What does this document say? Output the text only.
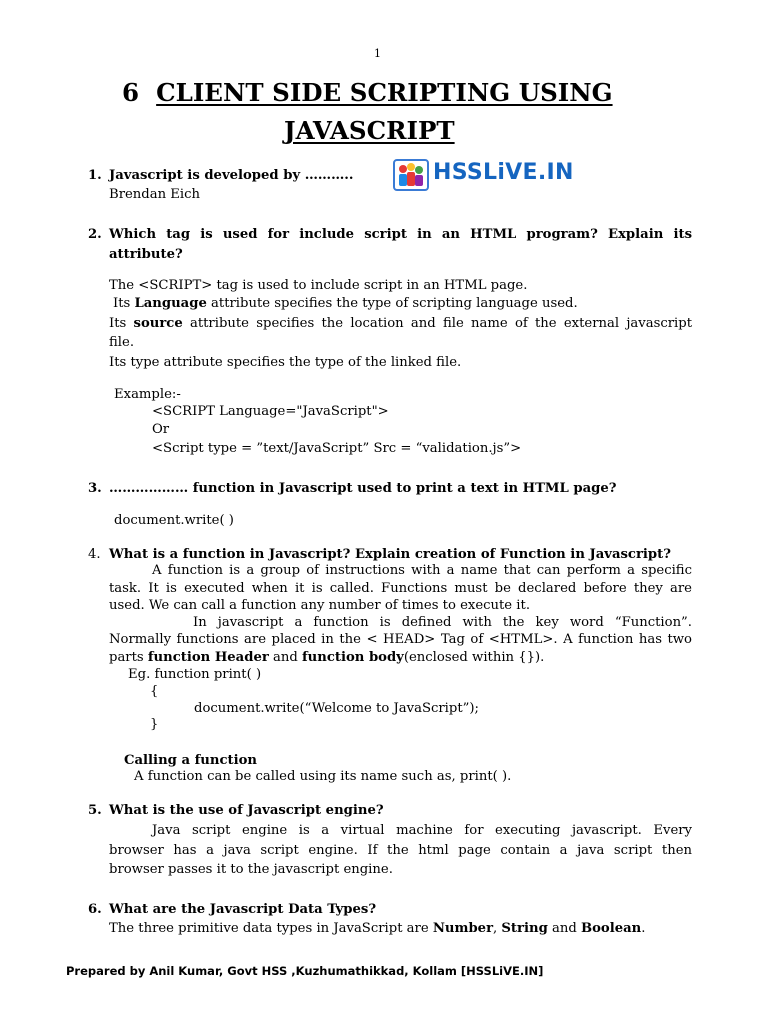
1
6 CLIENT SIDE SCRIPTING USING
JAVASCRIPT
HSSLiVE.IN
1. Javascript is developed by ………..
Brendan Eich
2. Which tag is used for include script in an HTML program? Explain its
attribute?
The <SCRIPT> tag is used to include script in an HTML page.
Its Language attribute specifies the type of scripting language used.
Its source attribute specifies the location and file name of the external javascript
file.
Its type attribute specifies the type of the linked file.
Example:-
<SCRIPT Language="JavaScript">
Or
<Script type = ”text/JavaScript” Src = “validation.js”>
3. ……………… function in Javascript used to print a text in HTML page?
document.write( )
4. What is a function in Javascript? Explain creation of Function in Javascript?
A function is a group of instructions with a name that can perform a specific
task. It is executed when it is called. Functions must be declared before they are
used. We can call a function any number of times to execute it.
In javascript a function is defined with the key word “Function”.
Normally functions are placed in the < HEAD> Tag of <HTML>. A function has two
parts function Header and function body(enclosed within {}).
Eg. function print( )
{
document.write(“Welcome to JavaScript”);
}
Calling a function
A function can be called using its name such as, print( ).
5. What is the use of Javascript engine?
Java script engine is a virtual machine for executing javascript. Every
browser has a java script engine. If the html page contain a java script then
browser passes it to the javascript engine.
6. What are the Javascript Data Types?
The three primitive data types in JavaScript are Number, String and Boolean.
Prepared by Anil Kumar, Govt HSS ,Kuzhumathikkad, Kollam [HSSLiVE.IN]
